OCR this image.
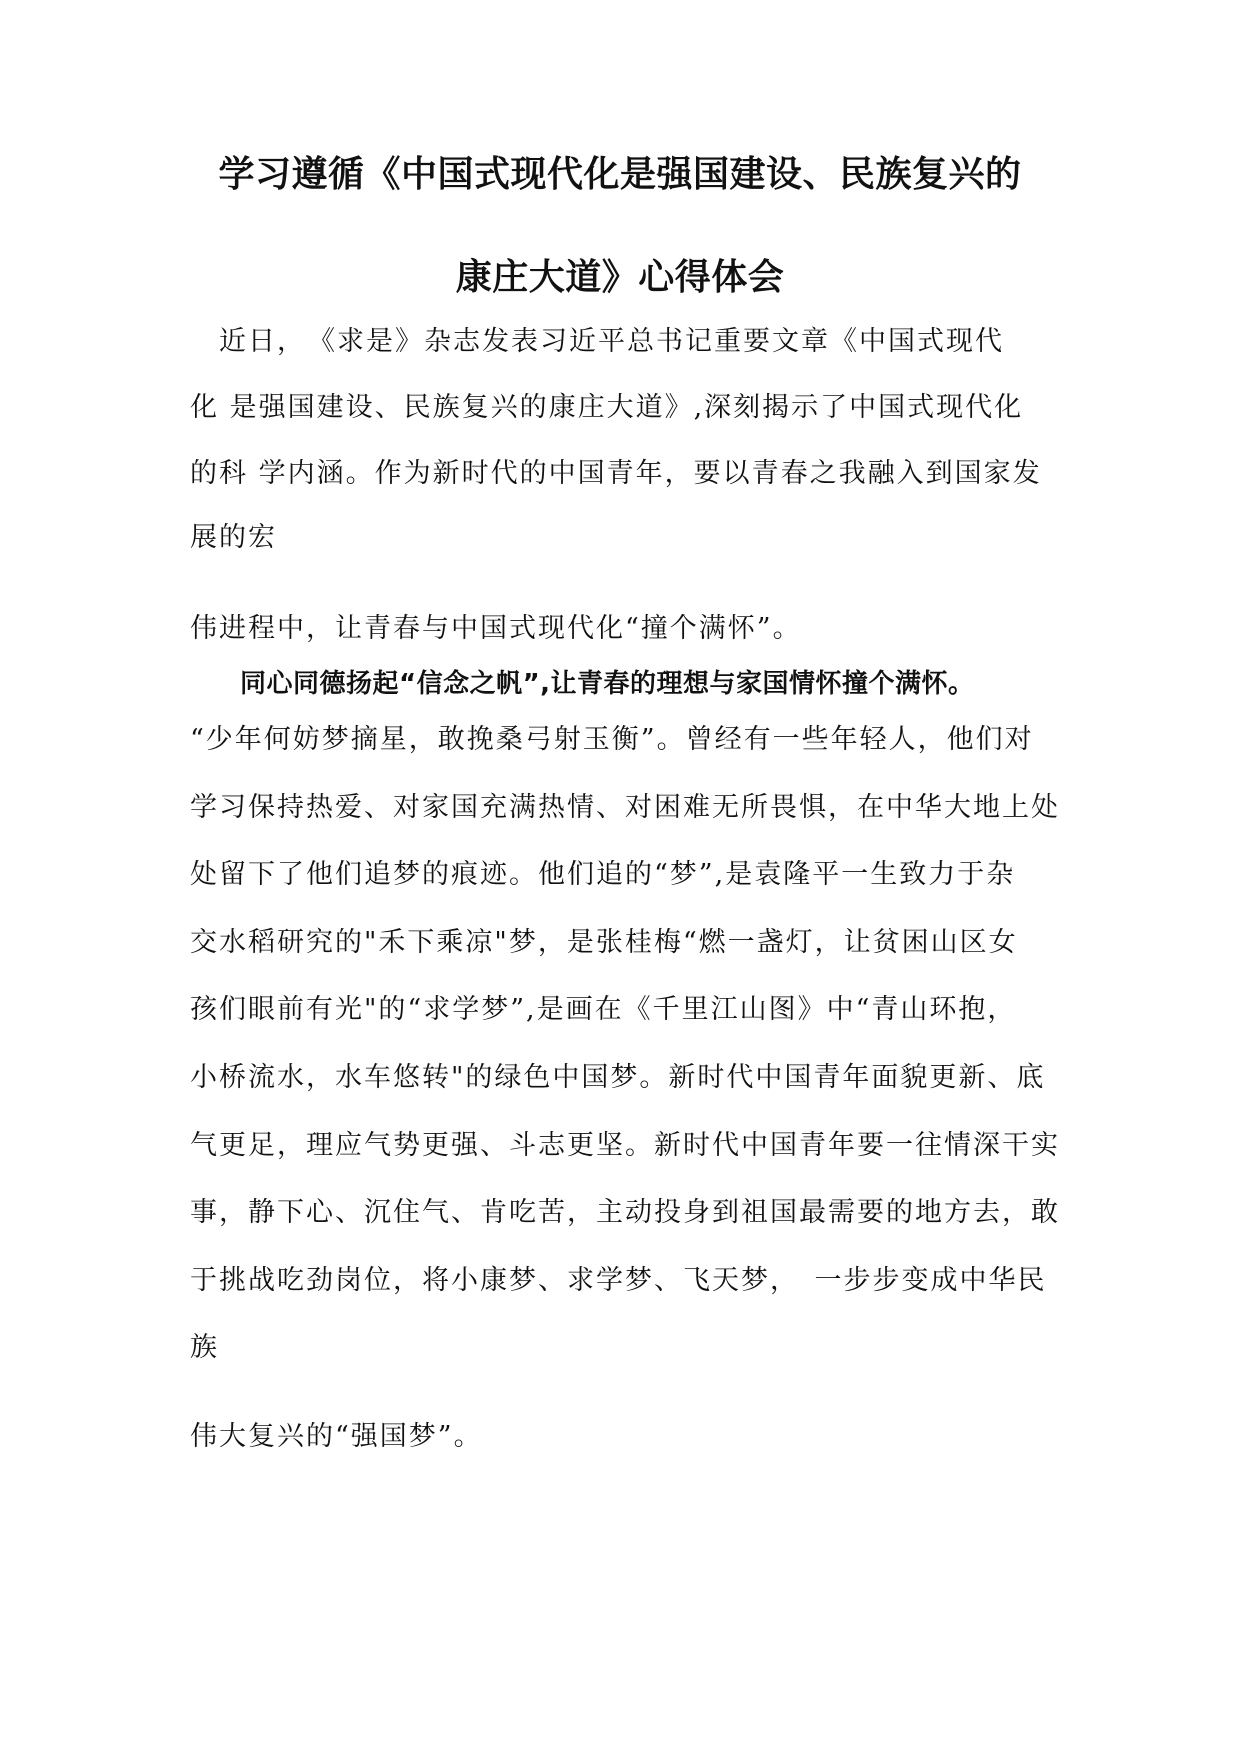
学习遵循《中国式现代化是强国建设、民族复兴的
康庄大道》心得体会
　近日，　《求是》杂志发表习近平总书记重要文章《中国式现代
化 是强国建设、民族复兴的康庄大道》,深刻揭示了中国式现代化
的科 学内涵。作为新时代的中国青年，要以青春之我融入到国家发
展的宏
伟进程中，让青春与中国式现代化“撞个满怀”。
同心同德扬起“信念之帆”,让青春的理想与家国情怀撞个满怀。
“少年何妨梦摘星，敢挽桑弓射玉衡”。曾经有一些年轻人，他们对
学习保持热爱、对家国充满热情、对困难无所畏惧，在中华大地上处
处留下了他们追梦的痕迹。他们追的“梦”,是袁隆平一生致力于杂
交水稻研究的"禾下乘凉"梦，是张桂梅“燃一盏灯，让贫困山区女
孩们眼前有光"的“求学梦”,是画在《千里江山图》中“青山环抱，
小桥流水，水车悠转"的绿色中国梦。新时代中国青年面貌更新、底
气更足，理应气势更强、斗志更坚。新时代中国青年要一往情深干实
事，静下心、沉住气、肯吃苦，主动投身到祖国最需要的地方去，敢
于挑战吃劲岗位，将小康梦、求学梦、飞天梦，　一步步变成中华民
族
伟大复兴的“强国梦”。
